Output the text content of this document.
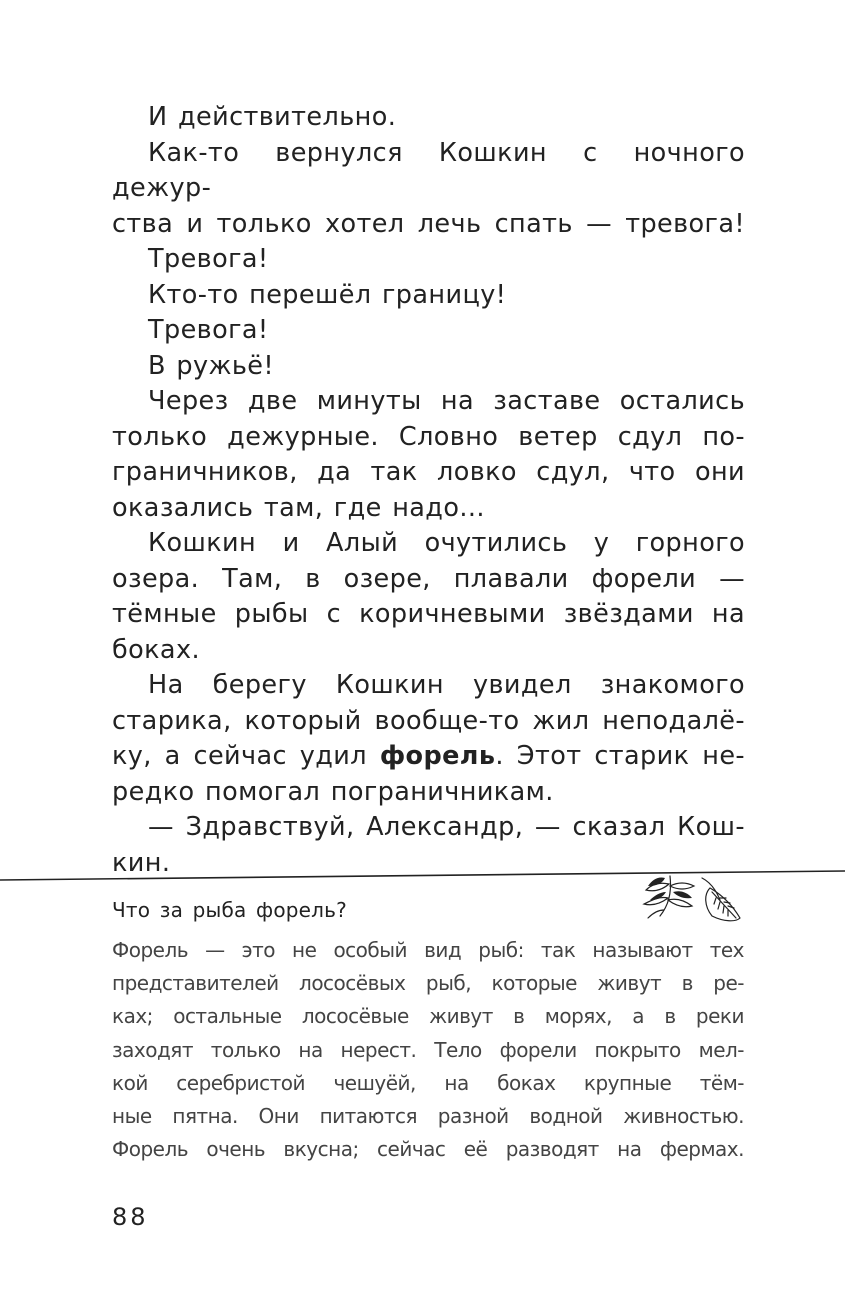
И действительно.

Как-то вернулся Кошкин с ночного дежур-
ства и только хотел лечь спать — тревога!

Тревога!

Кто-то перешёл границу!

Тревога!

В ружьё!

Через две минуты на заставе остались
только дежурные. Словно ветер сдул по-
граничников, да так ловко сдул, что они
оказались там, где надо...
Кошкин и Алый очутились у горного
озера. Там, в озере, плавали форели —
тёмные рыбы с коричневыми звёздами на
боках.
На берегу Кошкин увидел знакомого
старика, который вообще-то жил неподалё-
ку, а сейчас удил форель. Этот старик не-
редко помогал пограничникам.
— Здравствуй, Александр, — сказал Кош-
кин.
Что за рыба форель?
Форель — это не особый вид рыб: так называют тех
представителей лососёвых рыб, которые живут в ре-
ках; остальные лососёвые живут в морях, а в реки
заходят только на нерест. Тело форели покрыто мел-
кой серебристой чешуёй, на боках крупные тём-
ные пятна. Они питаются разной водной живностью.
Форель очень вкусна; сейчас её разводят на фермах.
88
